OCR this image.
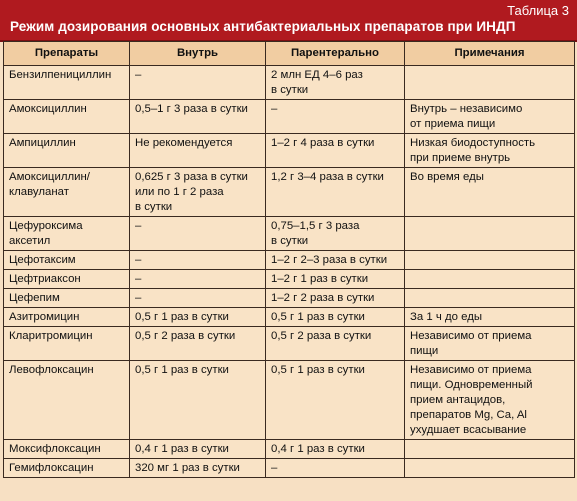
Режим дозирования основных антибактериальных препаратов при ИНДП
Таблица 3
Препараты	Внутрь	Парентерально	Примечания
Бензилпенициллин	–	2 млн ЕД 4–6 раз
в сутки	
Амоксициллин	0,5–1 г 3 раза в сутки	–	Внутрь – независимо
от приема пищи
Ампициллин	Не рекомендуется	1–2 г 4 раза в сутки	Низкая биодоступность
при приеме внутрь
Амоксициллин/
клавуланат	0,625 г 3 раза в сутки
или по 1 г 2 раза
в сутки	1,2 г 3–4 раза в сутки	Во время еды
Цефуроксима
аксетил	–	0,75–1,5 г 3 раза
в сутки	
Цефотаксим	–	1–2 г 2–3 раза в сутки	
Цефтриаксон	–	1–2 г 1 раз в сутки	
Цефепим	–	1–2 г 2 раза в сутки	
Азитромицин	0,5 г 1 раз в сутки	0,5 г 1 раз в сутки	За 1 ч до еды
Кларитромицин	0,5 г 2 раза в сутки	0,5 г 2 раза в сутки	Независимо от приема
пищи
Левофлоксацин	0,5 г 1 раз в сутки	0,5 г 1 раз в сутки	Независимо от приема
пищи. Одновременный
прием антацидов,
препаратов Mg, Ca, Al
ухудшает всасывание
Моксифлоксацин	0,4 г 1 раз в сутки	0,4 г 1 раз в сутки	
Гемифлоксацин	320 мг 1 раз в сутки	–	
